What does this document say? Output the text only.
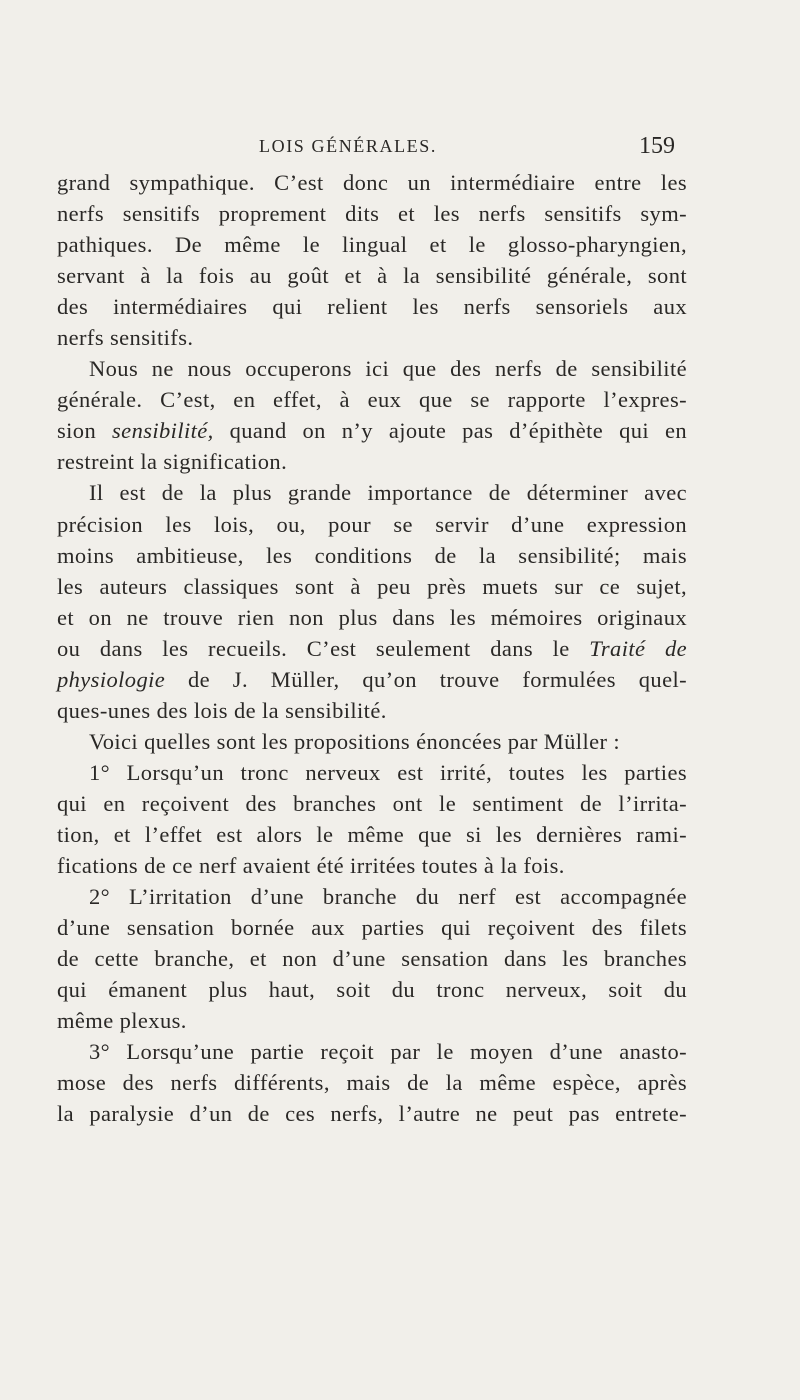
LOIS GÉNÉRALES.	159

grand sympathique. C’est donc un intermédiaire entre les

nerfs sensitifs proprement dits et les nerfs sensitifs sym-

pathiques. De même le lingual et le glosso-pharyngien,

servant à la fois au goût et à la sensibilité générale, sont

des intermédiaires qui relient les nerfs sensoriels aux

nerfs sensitifs.

Nous ne nous occuperons ici que des nerfs de sensibilité

générale. C’est, en effet, à eux que se rapporte l’expres-

sion sensibilité, quand on n’y ajoute pas d’épithète qui en

restreint la signification.

Il est de la plus grande importance de déterminer avec

précision les lois, ou, pour se servir d’une expression

moins ambitieuse, les conditions de la sensibilité; mais

les auteurs classiques sont à peu près muets sur ce sujet,

et on ne trouve rien non plus dans les mémoires originaux

ou dans les recueils. C’est seulement dans le Traité de

physiologie de J. Müller, qu’on trouve formulées quel-

ques-unes des lois de la sensibilité.

Voici quelles sont les propositions énoncées par Müller :

1° Lorsqu’un tronc nerveux est irrité, toutes les parties

qui en reçoivent des branches ont le sentiment de l’irrita-

tion, et l’effet est alors le même que si les dernières rami-

fications de ce nerf avaient été irritées toutes à la fois.

2° L’irritation d’une branche du nerf est accompagnée

d’une sensation bornée aux parties qui reçoivent des filets

de cette branche, et non d’une sensation dans les branches

qui émanent plus haut, soit du tronc nerveux, soit du

même plexus.

3° Lorsqu’une partie reçoit par le moyen d’une anasto-

mose des nerfs différents, mais de la même espèce, après

la paralysie d’un de ces nerfs, l’autre ne peut pas entrete-
